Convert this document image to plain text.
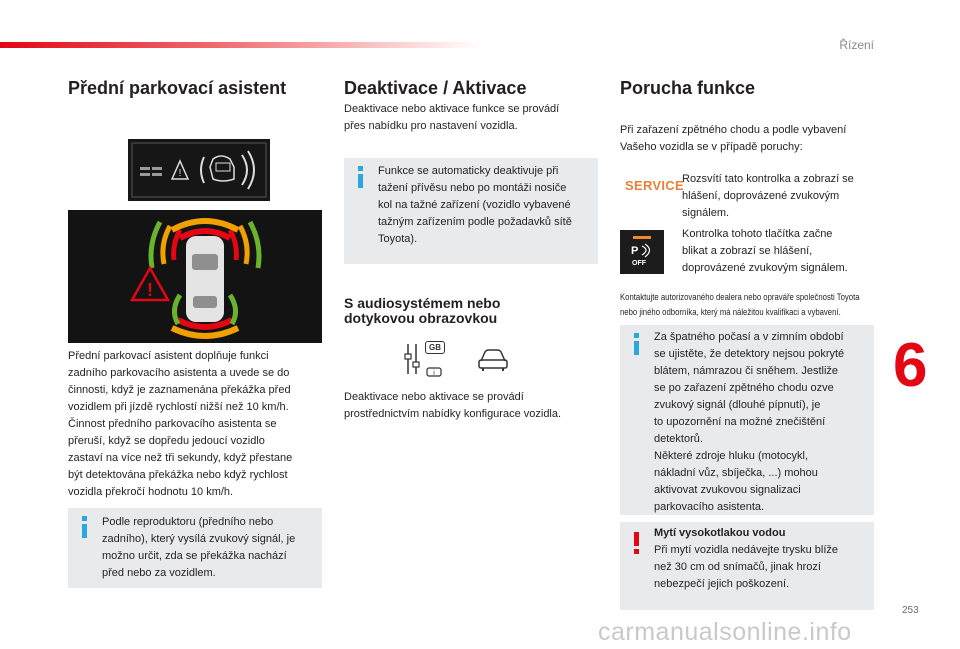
Řízení
Přední parkovací asistent
!
!
Přední parkovací asistent doplňuje funkci
zadního parkovacího asistenta a uvede se do
činnosti, když je zaznamenána překážka před
vozidlem při jízdě rychlostí nižší než 10 km/h.
Činnost předního parkovacího asistenta se
přeruší, když se dopředu jedoucí vozidlo
zastaví na více než tři sekundy, když přestane
být detektována překážka nebo když rychlost
vozidla překročí hodnotu 10 km/h.
Podle reproduktoru (předního nebo
zadního), který vysílá zvukový signál, je
možno určit, zda se překážka nachází
před nebo za vozidlem.
Deaktivace / Aktivace
Deaktivace nebo aktivace funkce se provádí
přes nabídku pro nastavení vozidla.
Funkce se automaticky deaktivuje při
tažení přívěsu nebo po montáži nosiče
kol na tažné zařízení (vozidlo vybavené
tažným zařízením podle požadavků sítě
Toyota).
S audiosystémem nebo
dotykovou obrazovkou
i
GB
Deaktivace nebo aktivace se provádí
prostřednictvím nabídky konfigurace vozidla.
Porucha funkce
Při zařazení zpětného chodu a podle vybavení
Vašeho vozidla se v případě poruchy:
SERVICE
Rozsvítí tato kontrolka a zobrazí se
hlášení, doprovázené zvukovým
signálem.
P
OFF
Kontrolka tohoto tlačítka začne
blikat a zobrazí se hlášení,
doprovázené zvukovým signálem.
Kontaktujte autorizovaného dealera nebo opravářе společnosti Toyota
nebo jiného odborníka, který má náležitou kvalifikaci a vybavení.
Za špatného počasí a v zimním období
se ujistěte, že detektory nejsou pokryté
blátem, námrazou či sněhem. Jestliže
se po zařazení zpětného chodu ozve
zvukový signál (dlouhé pípnutí), je
to upozornění na možné znečištění
detektorů.
Některé zdroje hluku (motocykl,
nákladní vůz, sbíječka, ...) mohou
aktivovat zvukovou signalizaci
parkovacího asistenta.
Mytí vysokotlakou vodou
Při mytí vozidla nedávejte trysku blíže
než 30 cm od snímačů, jinak hrozí
nebezpečí jejich poškození.
6
253
carmanualsonline.info
